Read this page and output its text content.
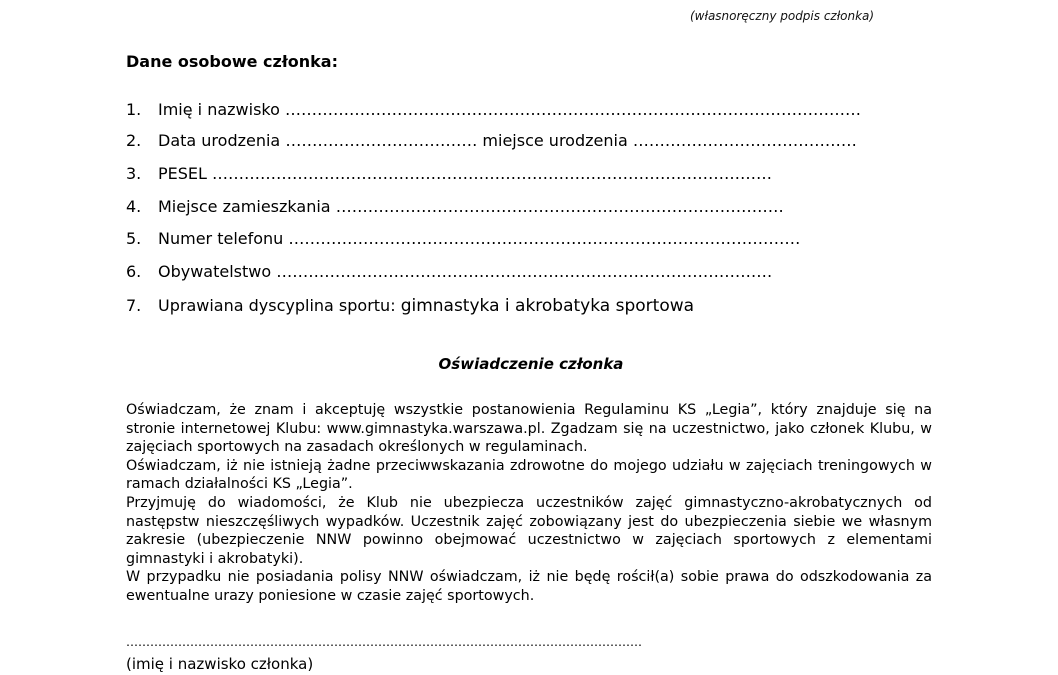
(własnoręczny podpis członka)
Dane osobowe członka:
1. Imię i nazwisko ………………………………………………………………………………………………
2. Data urodzenia ……………………………… miejsce urodzenia ……………………………………
3. PESEL ……………………………………………………………………………………………
4. Miejsce zamieszkania …………………………………………………………………………
5. Numer telefonu ……………………………………………………………………………………
6. Obywatelstwo …………………………………………………………………………………
7. Uprawiana dyscyplina sportu: gimnastyka i akrobatyka sportowa
Oświadczenie członka

Oświadczam, że znam i akceptuję wszystkie postanowienia Regulaminu KS „Legia”, który znajduje się na stronie internetowej Klubu: www.gimnastyka.warszawa.pl. Zgadzam się na uczestnictwo, jako członek Klubu, w zajęciach sportowych na zasadach określonych w regulaminach.

Oświadczam, iż nie istnieją żadne przeciwwskazania zdrowotne do mojego udziału w zajęciach treningowych w ramach działalności KS „Legia”.

Przyjmuję do wiadomości, że Klub nie ubezpiecza uczestników zajęć gimnastyczno-akrobatycznych od następstw nieszczęśliwych wypadków. Uczestnik zajęć zobowiązany jest do ubezpieczenia siebie we własnym zakresie (ubezpieczenie NNW powinno obejmować uczestnictwo w zajęciach sportowych z elementami gimnastyki i akrobatyki).

W przypadku nie posiadania polisy NNW oświadczam, iż nie będę rościł(a) sobie prawa do odszkodowania za ewentualne urazy poniesione w czasie zajęć sportowych.

…………………………………………………………………………………………………………………
(imię i nazwisko członka)
